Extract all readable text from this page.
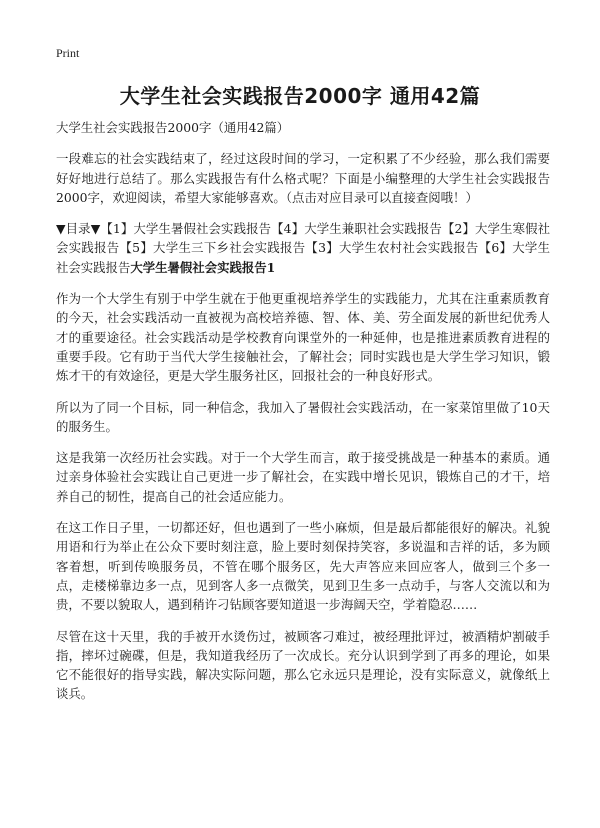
Print
大学生社会实践报告2000字 通用42篇

大学生社会实践报告2000字（通用42篇）

一段难忘的社会实践结束了，经过这段时间的学习，一定积累了不少经验，那么我们需要好好地进行总结了。那么实践报告有什么格式呢？下面是小编整理的大学生社会实践报告2000字，欢迎阅读，希望大家能够喜欢。（点击对应目录可以直接查阅哦！）

▼目录▼【1】大学生暑假社会实践报告【4】大学生兼职社会实践报告【2】大学生寒假社会实践报告【5】大学生三下乡社会实践报告【3】大学生农村社会实践报告【6】大学生社会实践报告大学生暑假社会实践报告1

作为一个大学生有别于中学生就在于他更重视培养学生的实践能力，尤其在注重素质教育的今天，社会实践活动一直被视为高校培养德、智、体、美、劳全面发展的新世纪优秀人才的重要途径。社会实践活动是学校教育向课堂外的一种延伸，也是推进素质教育进程的重要手段。它有助于当代大学生接触社会，了解社会；同时实践也是大学生学习知识，锻炼才干的有效途径，更是大学生服务社区，回报社会的一种良好形式。

所以为了同一个目标，同一种信念，我加入了暑假社会实践活动，在一家菜馆里做了10天的服务生。

这是我第一次经历社会实践。对于一个大学生而言，敢于接受挑战是一种基本的素质。通过亲身体验社会实践让自己更进一步了解社会，在实践中增长见识，锻炼自己的才干，培养自己的韧性，提高自己的社会适应能力。

在这工作日子里，一切都还好，但也遇到了一些小麻烦，但是最后都能很好的解决。礼貌用语和行为举止在公众下要时刻注意，脸上要时刻保持笑容，多说温和吉祥的话，多为顾客着想，听到传唤服务员，不管在哪个服务区，先大声答应来回应客人，做到三个多一点，走楼梯靠边多一点，见到客人多一点微笑，见到卫生多一点动手，与客人交流以和为贵，不要以貌取人，遇到稍许刁钻顾客要知道退一步海阔天空，学着隐忍……

尽管在这十天里，我的手被开水烫伤过，被顾客刁难过，被经理批评过，被酒精炉割破手指，摔坏过碗碟，但是，我知道我经历了一次成长。充分认识到学到了再多的理论，如果它不能很好的指导实践，解决实际问题，那么它永远只是理论，没有实际意义，就像纸上谈兵。
